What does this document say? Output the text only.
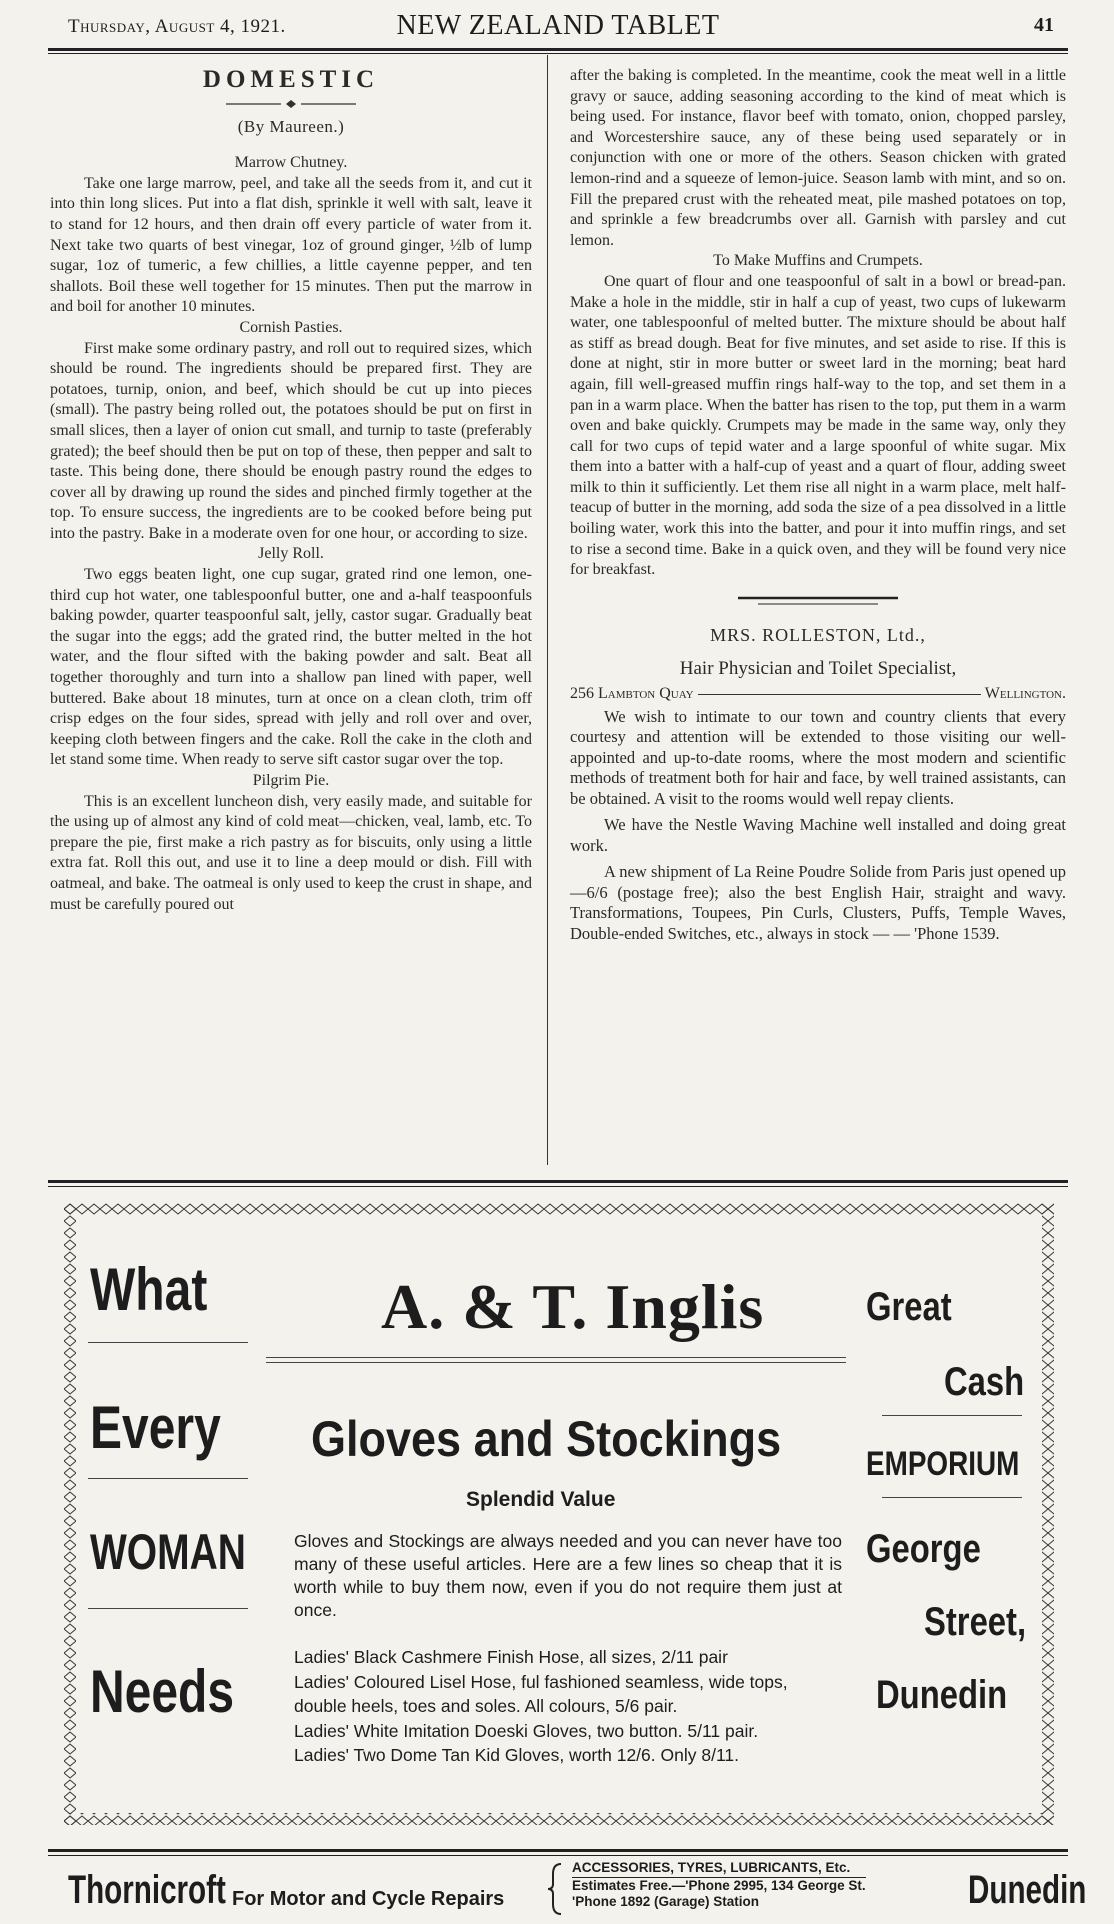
Thursday, August 4, 1921.	NEW ZEALAND TABLET	41
DOMESTIC
(By Maureen.)
Marrow Chutney.

Take one large marrow, peel, and take all the seeds from it, and cut it into thin long slices. Put into a flat dish, sprinkle it well with salt, leave it to stand for 12 hours, and then drain off every particle of water from it. Next take two quarts of best vinegar, 1oz of ground ginger, ½lb of lump sugar, 1oz of tumeric, a few chillies, a little cayenne pepper, and ten shallots. Boil these well together for 15 minutes. Then put the marrow in and boil for another 10 minutes.

Cornish Pasties.

First make some ordinary pastry, and roll out to required sizes, which should be round. The ingredients should be prepared first. They are potatoes, turnip, onion, and beef, which should be cut up into pieces (small). The pastry being rolled out, the potatoes should be put on first in small slices, then a layer of onion cut small, and turnip to taste (preferably grated); the beef should then be put on top of these, then pepper and salt to taste. This being done, there should be enough pastry round the edges to cover all by drawing up round the sides and pinched firmly together at the top. To ensure success, the ingredients are to be cooked before being put into the pastry. Bake in a moderate oven for one hour, or according to size.

Jelly Roll.

Two eggs beaten light, one cup sugar, grated rind one lemon, one-third cup hot water, one tablespoonful butter, one and a-half teaspoonfuls baking powder, quarter teaspoonful salt, jelly, castor sugar. Gradually beat the sugar into the eggs; add the grated rind, the butter melted in the hot water, and the flour sifted with the baking powder and salt. Beat all together thoroughly and turn into a shallow pan lined with paper, well buttered. Bake about 18 minutes, turn at once on a clean cloth, trim off crisp edges on the four sides, spread with jelly and roll over and over, keeping cloth between fingers and the cake. Roll the cake in the cloth and let stand some time. When ready to serve sift castor sugar over the top.

Pilgrim Pie.

This is an excellent luncheon dish, very easily made, and suitable for the using up of almost any kind of cold meat—chicken, veal, lamb, etc. To prepare the pie, first make a rich pastry as for biscuits, only using a little extra fat. Roll this out, and use it to line a deep mould or dish. Fill with oatmeal, and bake. The oatmeal is only used to keep the crust in shape, and must be carefully poured out

after the baking is completed. In the meantime, cook the meat well in a little gravy or sauce, adding seasoning according to the kind of meat which is being used. For instance, flavor beef with tomato, onion, chopped parsley, and Worcestershire sauce, any of these being used separately or in conjunction with one or more of the others. Season chicken with grated lemon-rind and a squeeze of lemon-juice. Season lamb with mint, and so on. Fill the prepared crust with the reheated meat, pile mashed potatoes on top, and sprinkle a few breadcrumbs over all. Garnish with parsley and cut lemon.

To Make Muffins and Crumpets.

One quart of flour and one teaspoonful of salt in a bowl or bread-pan. Make a hole in the middle, stir in half a cup of yeast, two cups of lukewarm water, one tablespoonful of melted butter. The mixture should be about half as stiff as bread dough. Beat for five minutes, and set aside to rise. If this is done at night, stir in more butter or sweet lard in the morning; beat hard again, fill well-greased muffin rings half-way to the top, and set them in a pan in a warm place. When the batter has risen to the top, put them in a warm oven and bake quickly. Crumpets may be made in the same way, only they call for two cups of tepid water and a large spoonful of white sugar. Mix them into a batter with a half-cup of yeast and a quart of flour, adding sweet milk to thin it sufficiently. Let them rise all night in a warm place, melt half-teacup of butter in the morning, add soda the size of a pea dissolved in a little boiling water, work this into the batter, and pour it into muffin rings, and set to rise a second time. Bake in a quick oven, and they will be found very nice for breakfast.

MRS. ROLLESTON, Ltd.,
Hair Physician and Toilet Specialist,
256 Lambton Quay	Wellington.

We wish to intimate to our town and country clients that every courtesy and attention will be extended to those visiting our well-appointed and up-to-date rooms, where the most modern and scientific methods of treatment both for hair and face, by well trained assistants, can be obtained. A visit to the rooms would well repay clients.

We have the Nestle Waving Machine well installed and doing great work.

A new shipment of La Reine Poudre Solide from Paris just opened up—6/6 (postage free); also the best English Hair, straight and wavy. Transformations, Toupees, Pin Curls, Clusters, Puffs, Temple Waves, Double-ended Switches, etc., always in stock — — 'Phone 1539.

What
Every
WOMAN
Needs
A. & T. Inglis
Gloves and Stockings
Splendid Value
Gloves and Stockings are always needed and you can never have too many of these useful articles. Here are a few lines so cheap that it is worth while to buy them now, even if you do not require them just at once.
Ladies' Black Cashmere Finish Hose, all sizes, 2/11 pair
Ladies' Coloured Lisel Hose, ful fashioned seamless, wide tops,
double heels, toes and soles. All colours, 5/6 pair.
Ladies' White Imitation Doeski Gloves, two button. 5/11 pair.
Ladies' Two Dome Tan Kid Gloves, worth 12/6. Only 8/11.
Great
Cash
EMPORIUM
George
Street,
Dunedin
Thornicroft For Motor and Cycle Repairs
ACCESSORIES, TYRES, LUBRICANTS, Etc.
Estimates Free.—'Phone 2995, 134 George St.
'Phone 1892 (Garage) Station	Dunedin
